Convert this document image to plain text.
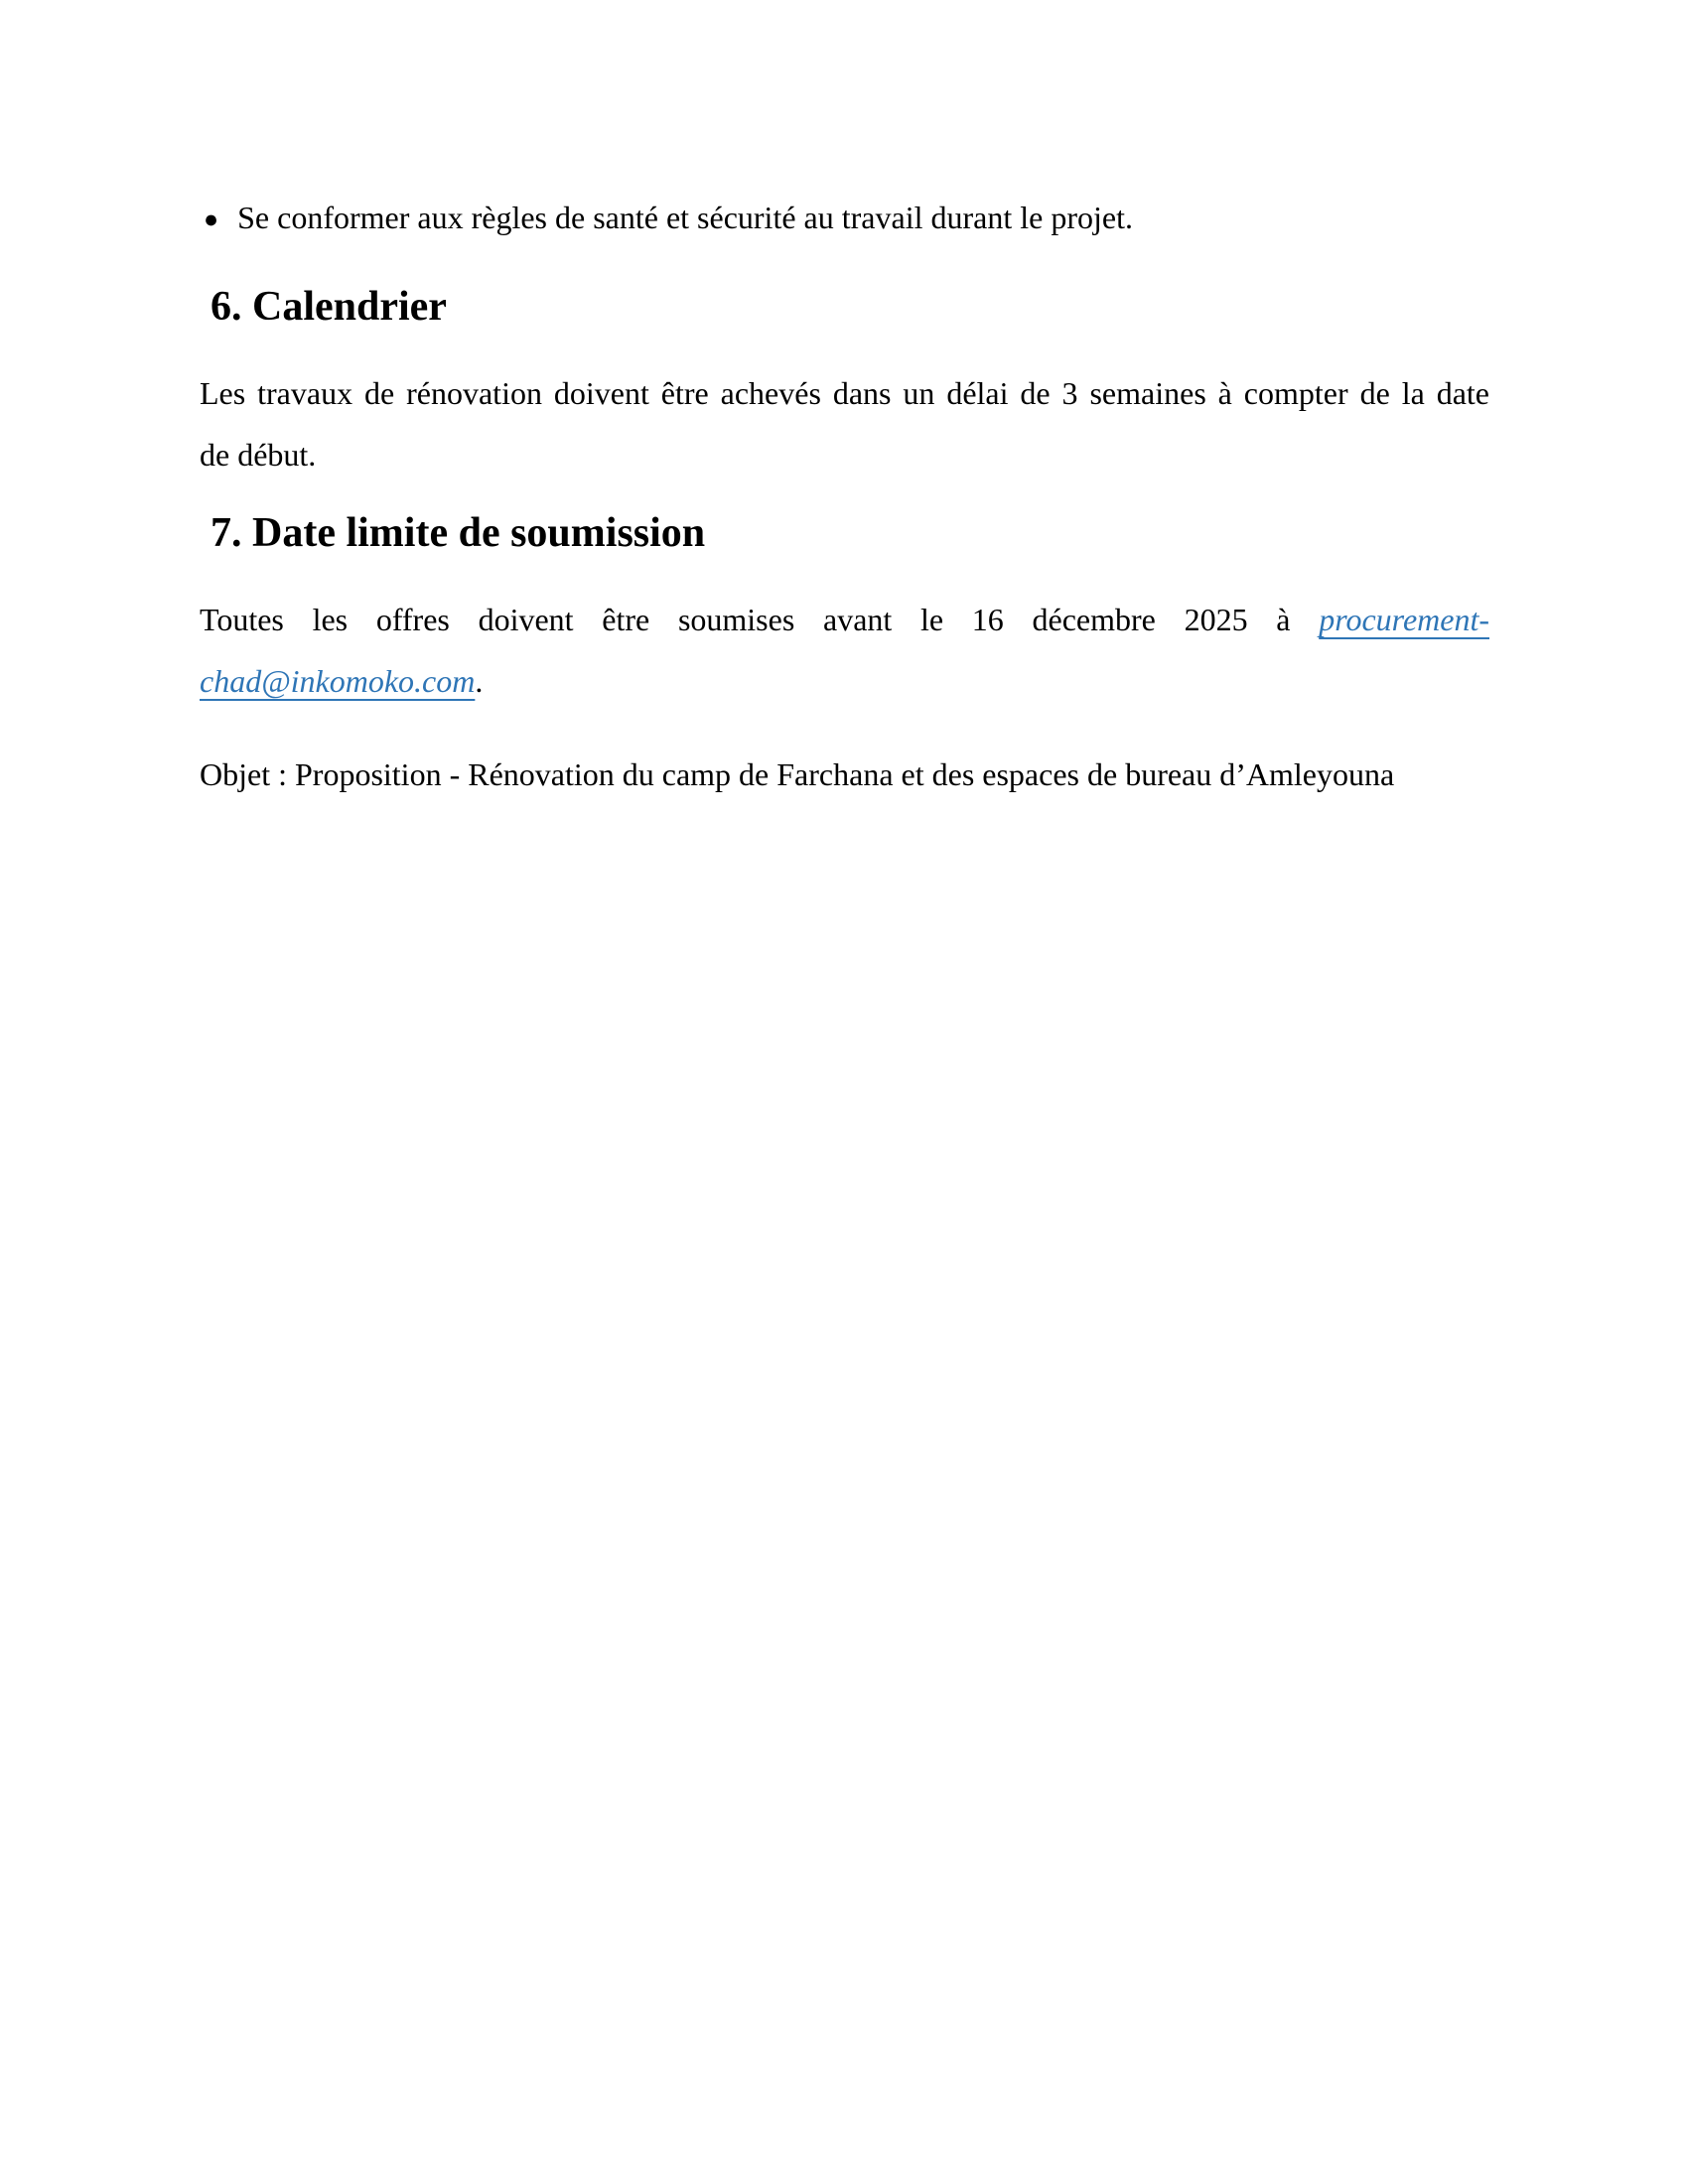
● Se conformer aux règles de santé et sécurité au travail durant le projet.

6. Calendrier
Les travaux de rénovation doivent être achevés dans un délai de 3 semaines à compter de la date
de début.
7. Date limite de soumission
Toutes les offres doivent être soumises avant le 16 décembre 2025 à procurement-
chad@inkomoko.com.

Objet : Proposition - Rénovation du camp de Farchana et des espaces de bureau d’Amleyouna
